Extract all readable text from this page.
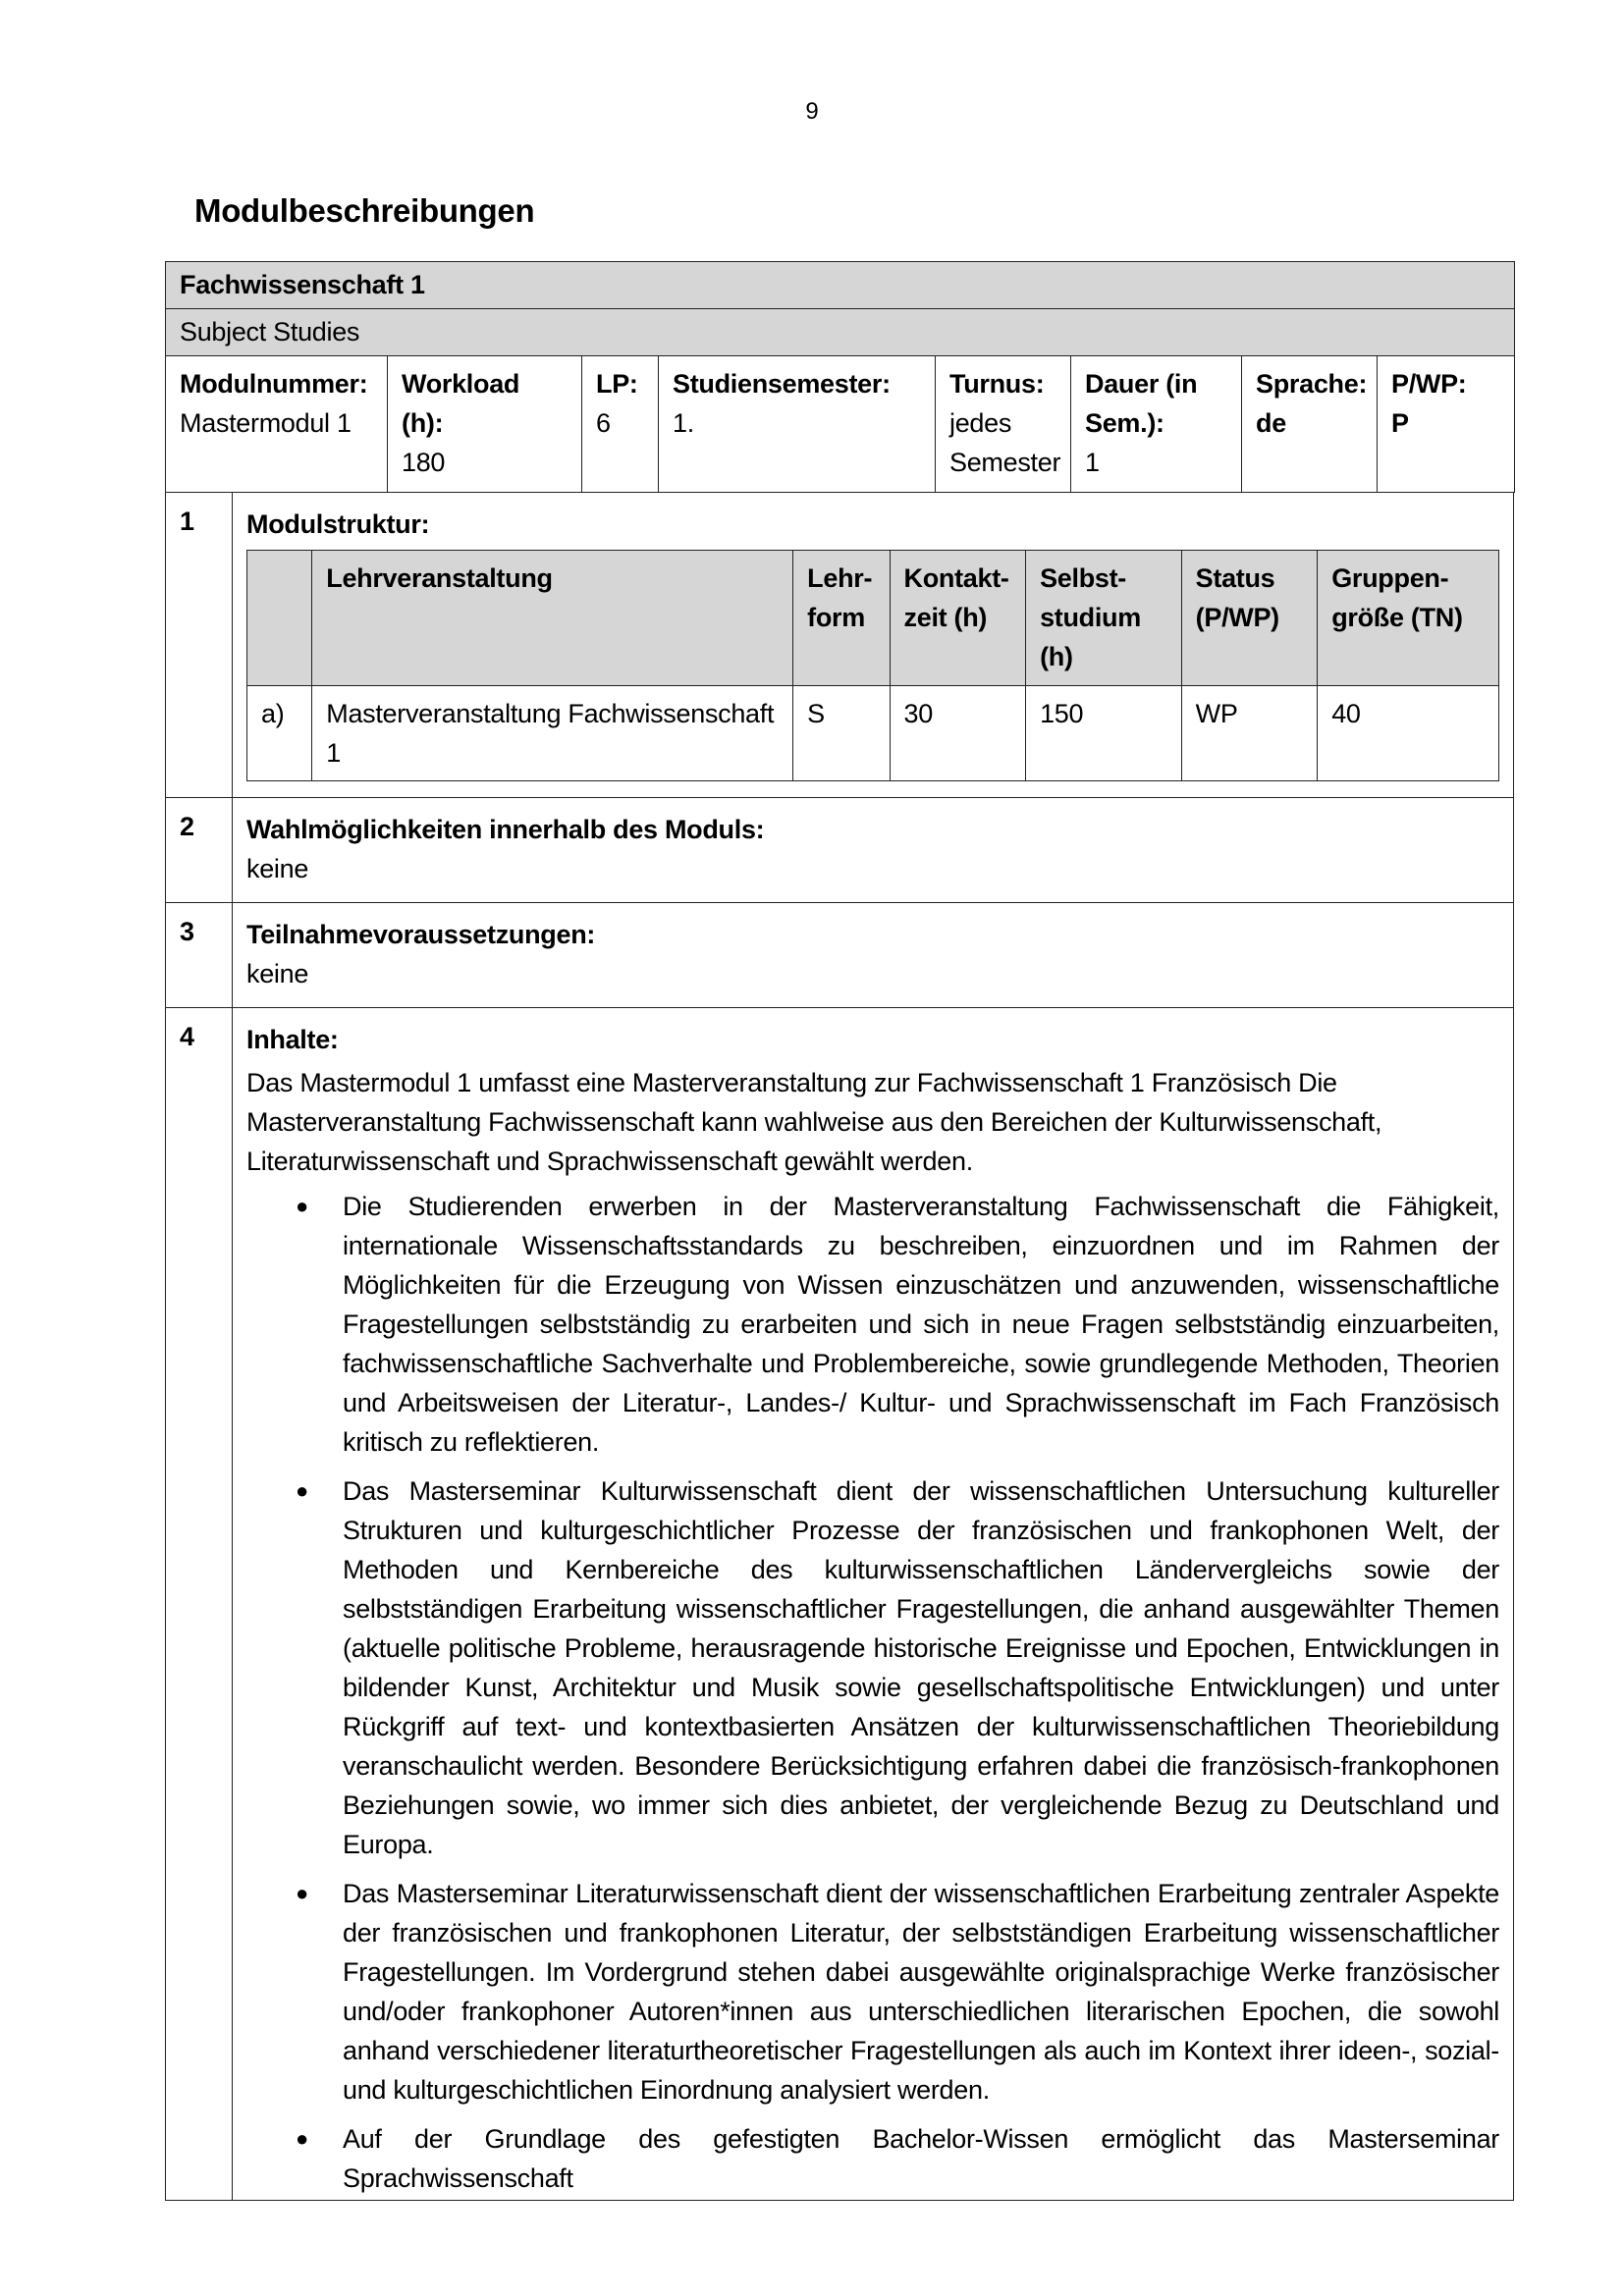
9
Modulbeschreibungen
Fachwissenschaft 1
Subject Studies

Modulnummer:
Mastermodul 1

Workload (h):
180

LP:
6

Studiensemester:
1.

Turnus:
jedes Semester

Dauer (in Sem.):
1

Sprache:
de

P/WP:
P
1	Modulstruktur:
	Lehrveranstaltung	Lehr-form	Kontakt-zeit (h)	Selbst-studium (h)	Status (P/WP)	Gruppen-größe (TN)
a)	Masterveranstaltung Fachwissenschaft 1	S	30	150	WP	40

2	Wahlmöglichkeiten innerhalb des Moduls:
keine

3	Teilnahmevoraussetzungen:
keine

4	Inhalte:
Das Mastermodul 1 umfasst eine Masterveranstaltung zur Fachwissenschaft 1 Französisch Die Masterveranstaltung Fachwissenschaft kann wahlweise aus den Bereichen der Kulturwissenschaft, Literaturwissenschaft und Sprachwissenschaft gewählt werden.
● Die Studierenden erwerben in der Masterveranstaltung Fachwissenschaft die Fähigkeit, internationale Wissenschaftsstandards zu beschreiben, einzuordnen und im Rahmen der Möglichkeiten für die Erzeugung von Wissen einzuschätzen und anzuwenden, wissenschaftliche Fragestellungen selbstständig zu erarbeiten und sich in neue Fragen selbstständig einzuarbeiten, fachwissenschaftliche Sachverhalte und Problembereiche, sowie grundlegende Methoden, Theorien und Arbeitsweisen der Literatur-, Landes-/ Kultur- und Sprachwissenschaft im Fach Französisch kritisch zu reflektieren.
● Das Masterseminar Kulturwissenschaft dient der wissenschaftlichen Untersuchung kultureller Strukturen und kulturgeschichtlicher Prozesse der französischen und frankophonen Welt, der Methoden und Kernbereiche des kulturwissenschaftlichen Ländervergleichs sowie der selbstständigen Erarbeitung wissenschaftlicher Fragestellungen, die anhand ausgewählter Themen (aktuelle politische Probleme, herausragende historische Ereignisse und Epochen, Entwicklungen in bildender Kunst, Architektur und Musik sowie gesellschaftspolitische Entwicklungen) und unter Rückgriff auf text- und kontextbasierten Ansätzen der kulturwissenschaftlichen Theoriebildung veranschaulicht werden. Besondere Berücksichtigung erfahren dabei die französisch-frankophonen Beziehungen sowie, wo immer sich dies anbietet, der vergleichende Bezug zu Deutschland und Europa.
● Das Masterseminar Literaturwissenschaft dient der wissenschaftlichen Erarbeitung zentraler Aspekte der französischen und frankophonen Literatur, der selbstständigen Erarbeitung wissenschaftlicher Fragestellungen. Im Vordergrund stehen dabei ausgewählte originalsprachige Werke französischer und/oder frankophoner Autoren*innen aus unterschiedlichen literarischen Epochen, die sowohl anhand verschiedener literaturtheoretischer Fragestellungen als auch im Kontext ihrer ideen-, sozial- und kulturgeschichtlichen Einordnung analysiert werden.
● Auf der Grundlage des gefestigten Bachelor-Wissen ermöglicht das Masterseminar Sprachwissenschaft
